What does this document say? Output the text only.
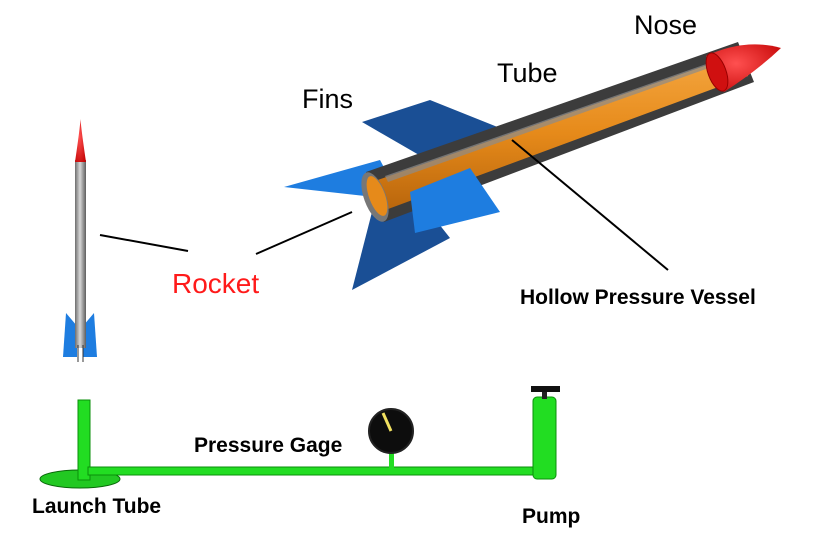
Nose
Tube
Fins
Rocket	Hollow Pressure Vessel
Pressure Gage
Launch Tube	Pump
